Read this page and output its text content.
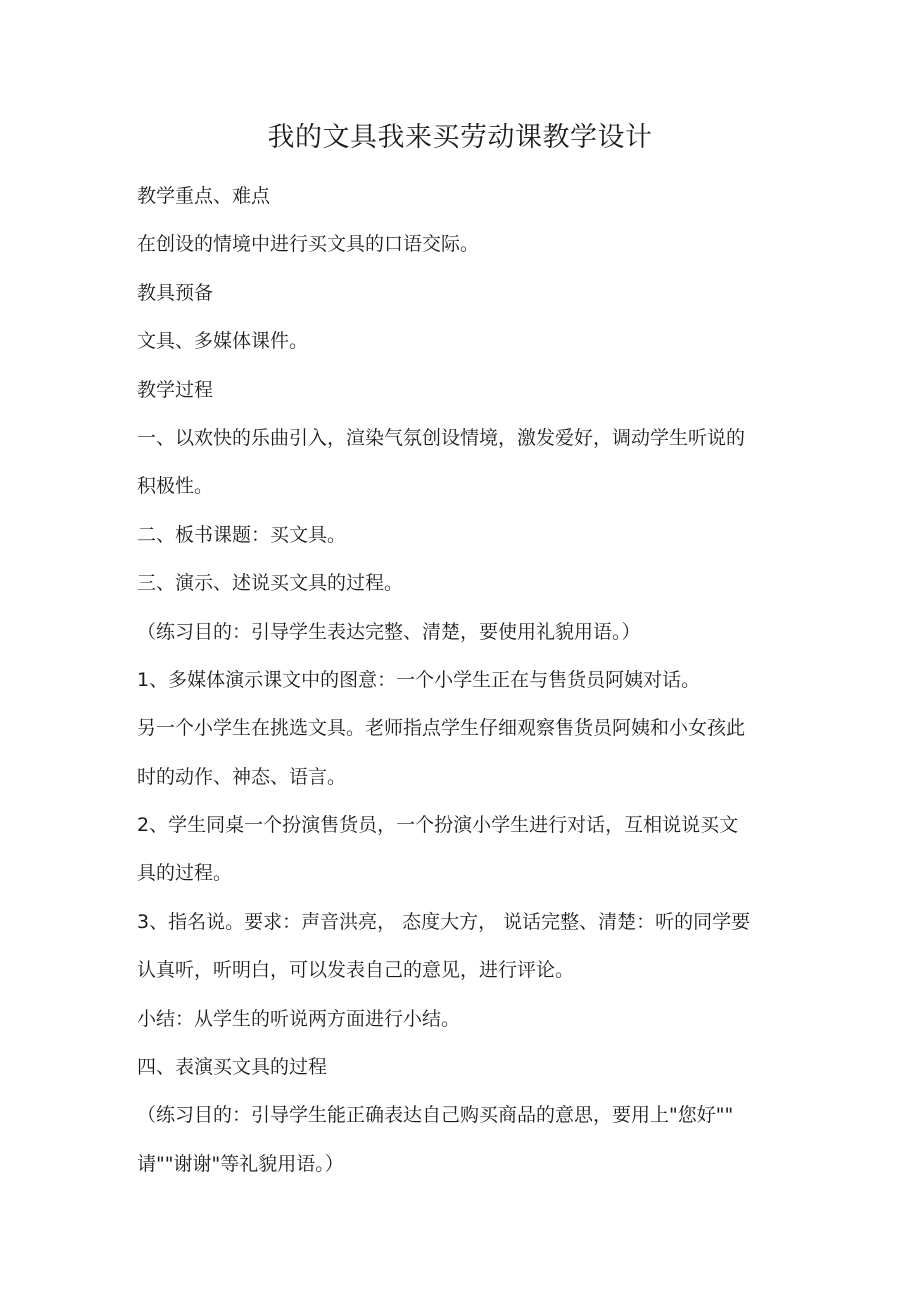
我的文具我来买劳动课教学设计

教学重点、难点

在创设的情境中进行买文具的口语交际。

教具预备

文具、多媒体课件。

教学过程

一、以欢快的乐曲引入，渲染气氛创设情境，激发爱好，调动学生听说的

积极性。

二、板书课题：买文具。

三、演示、述说买文具的过程。

（练习目的：引导学生表达完整、清楚，要使用礼貌用语。）

1、多媒体演示课文中的图意：一个小学生正在与售货员阿姨对话。

另一个小学生在挑选文具。老师指点学生仔细观察售货员阿姨和小女孩此

时的动作、神态、语言。

2、学生同桌一个扮演售货员，一个扮演小学生进行对话，互相说说买文

具的过程。

3、指名说。要求：声音洪亮， 态度大方， 说话完整、清楚：听的同学要

认真听，听明白，可以发表自己的意见，进行评论。

小结：从学生的听说两方面进行小结。

四、表演买文具的过程

（练习目的：引导学生能正确表达自己购买商品的意思，要用上"您好""

请""谢谢"等礼貌用语。）
